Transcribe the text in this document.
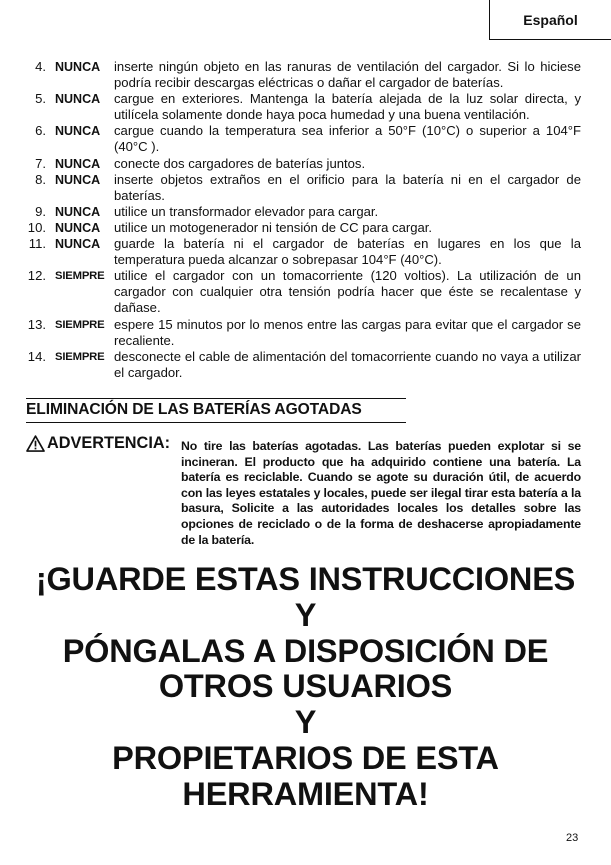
Español
4. NUNCA	inserte ningún objeto en las ranuras de ventilación del cargador. Si lo hiciese podría recibir descargas eléctricas o dañar el cargador de baterías.
5. NUNCA	cargue en exteriores. Mantenga la batería alejada de la luz solar directa, y utilícela solamente donde haya poca humedad y una buena ventilación.
6. NUNCA	cargue cuando la temperatura sea inferior a 50°F (10°C) o superior a 104°F (40°C ).
7. NUNCA	conecte dos cargadores de baterías juntos.
8. NUNCA	inserte objetos extraños en el orificio para la batería ni en el cargador de baterías.
9. NUNCA	utilice un transformador elevador para cargar.
10. NUNCA	utilice un motogenerador ni tensión de CC para cargar.
11. NUNCA	guarde la batería ni el cargador de baterías en lugares en los que la temperatura pueda alcanzar o sobrepasar 104°F (40°C).
12. SIEMPRE utilice el cargador con un tomacorriente (120 voltios). La utilización de un cargador con cualquier otra tensión podría hacer que éste se recalentase y dañase.
13. SIEMPRE espere 15 minutos por lo menos entre las cargas para evitar que el cargador se recaliente.
14. SIEMPRE desconecte el cable de alimentación del tomacorriente cuando no vaya a utilizar el cargador.
ELIMINACIÓN DE LAS BATERÍAS AGOTADAS
ADVERTENCIA: No tire las baterías agotadas. Las baterías pueden explotar si se incineran. El producto que ha adquirido contiene una batería. La batería es reciclable. Cuando se agote su duración útil, de acuerdo con las leyes estatales y locales, puede ser ilegal tirar esta batería a la basura, Solicite a las autoridades locales los detalles sobre las opciones de reciclado o de la forma de deshacerse apropiadamente de la batería.
¡GUARDE ESTAS INSTRUCCIONES
Y
PÓNGALAS A DISPOSICIÓN DE
OTROS USUARIOS
Y
PROPIETARIOS DE ESTA
HERRAMIENTA!
23
